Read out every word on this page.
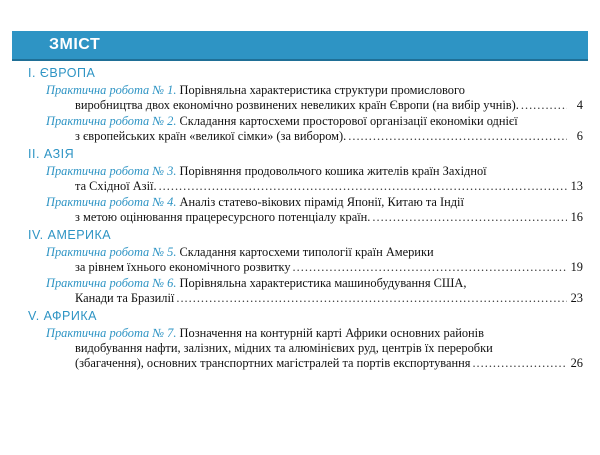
ЗМІСТ
I. ЄВРОПА
Практична робота № 1. Порівняльна характеристика структури промислового
виробництва двох економічно розвинених невеликих країн Європи (на вибір учнів). .....	4
Практична робота № 2. Складання картосхеми просторової організації економіки однієї
з європейських країн «великої сімки» (за вибором). .....	6
II. АЗІЯ
Практична робота № 3. Порівняння продовольчого кошика жителів країн Західної
та Східної Азії. .....	13
Практична робота № 4. Аналіз статево-вікових пірамід Японії, Китаю та Індії
з метою оцінювання працересурсного потенціалу країн. .....	16
IV. АМЕРИКА
Практична робота № 5. Складання картосхеми типології країн Америки
за рівнем їхнього економічного розвитку .....	19
Практична робота № 6. Порівняльна характеристика машинобудування США,
Канади та Бразилії .....	23
V. АФРИКА
Практична робота № 7. Позначення на контурній карті Африки основних районів
видобування нафти, залізних, мідних та алюмінієвих руд, центрів їх переробки
(збагачення), основних транспортних магістралей та портів експортування .....	26
